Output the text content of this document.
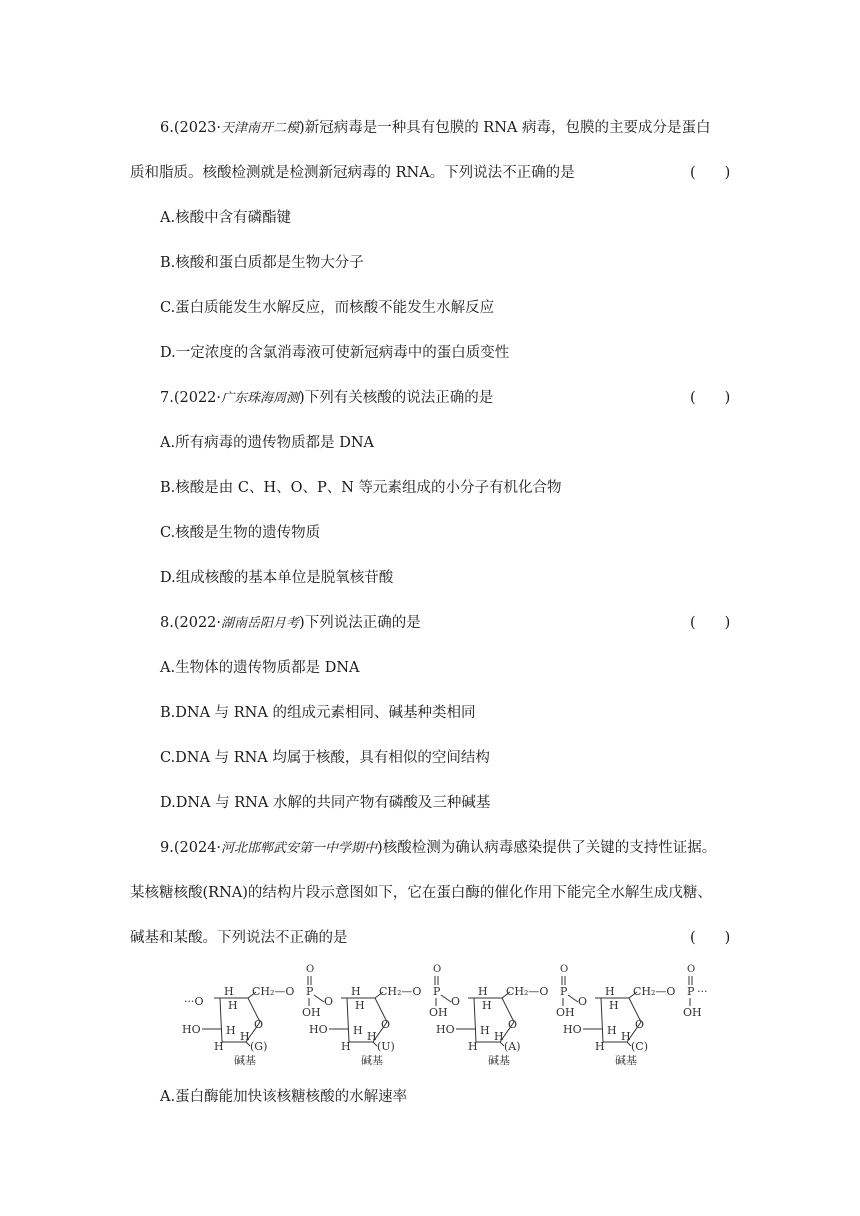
6.(2023·天津南开二模)新冠病毒是一种具有包膜的 RNA 病毒，包膜的主要成分是蛋白
质和脂质。核酸检测就是检测新冠病毒的 RNA。下列说法不正确的是	(　　)
A.核酸中含有磷酯键
B.核酸和蛋白质都是生物大分子
C.蛋白质能发生水解反应，而核酸不能发生水解反应
D.一定浓度的含氯消毒液可使新冠病毒中的蛋白质变性
7.(2022·广东珠海周测)下列有关核酸的说法正确的是	(　　)
A.所有病毒的遗传物质都是 DNA
B.核酸是由 C、H、O、P、N 等元素组成的小分子有机化合物
C.核酸是生物的遗传物质
D.组成核酸的基本单位是脱氧核苷酸
8.(2022·湖南岳阳月考)下列说法正确的是	(　　)
A.生物体的遗传物质都是 DNA
B.DNA 与 RNA 的组成元素相同、碱基种类相同
C.DNA 与 RNA 均属于核酸，具有相似的空间结构
D.DNA 与 RNA 水解的共同产物有磷酸及三种碱基
9.(2024·河北邯郸武安第一中学期中)核酸检测为确认病毒感染提供了关键的支持性证据。
某核糖核酸(RNA)的结构片段示意图如下，它在蛋白酶的催化作用下能完全水解生成戊糖、
碱基和某酸。下列说法不正确的是	(　　)
···O
H
H
O
CH₂—O P
O
OH
O
HO H
H
H
(G)
碱基
H
H
O
CH₂—O P
O
OH
O
HO H
H
H
(U)
碱基
H
H
O
CH₂—O P
O
OH
O
HO H
H
H
(A)
碱基
H
H
O
CH₂—O P
O
OH
···
HO H
H
H
(C)
碱基
A.蛋白酶能加快该核糖核酸的水解速率
